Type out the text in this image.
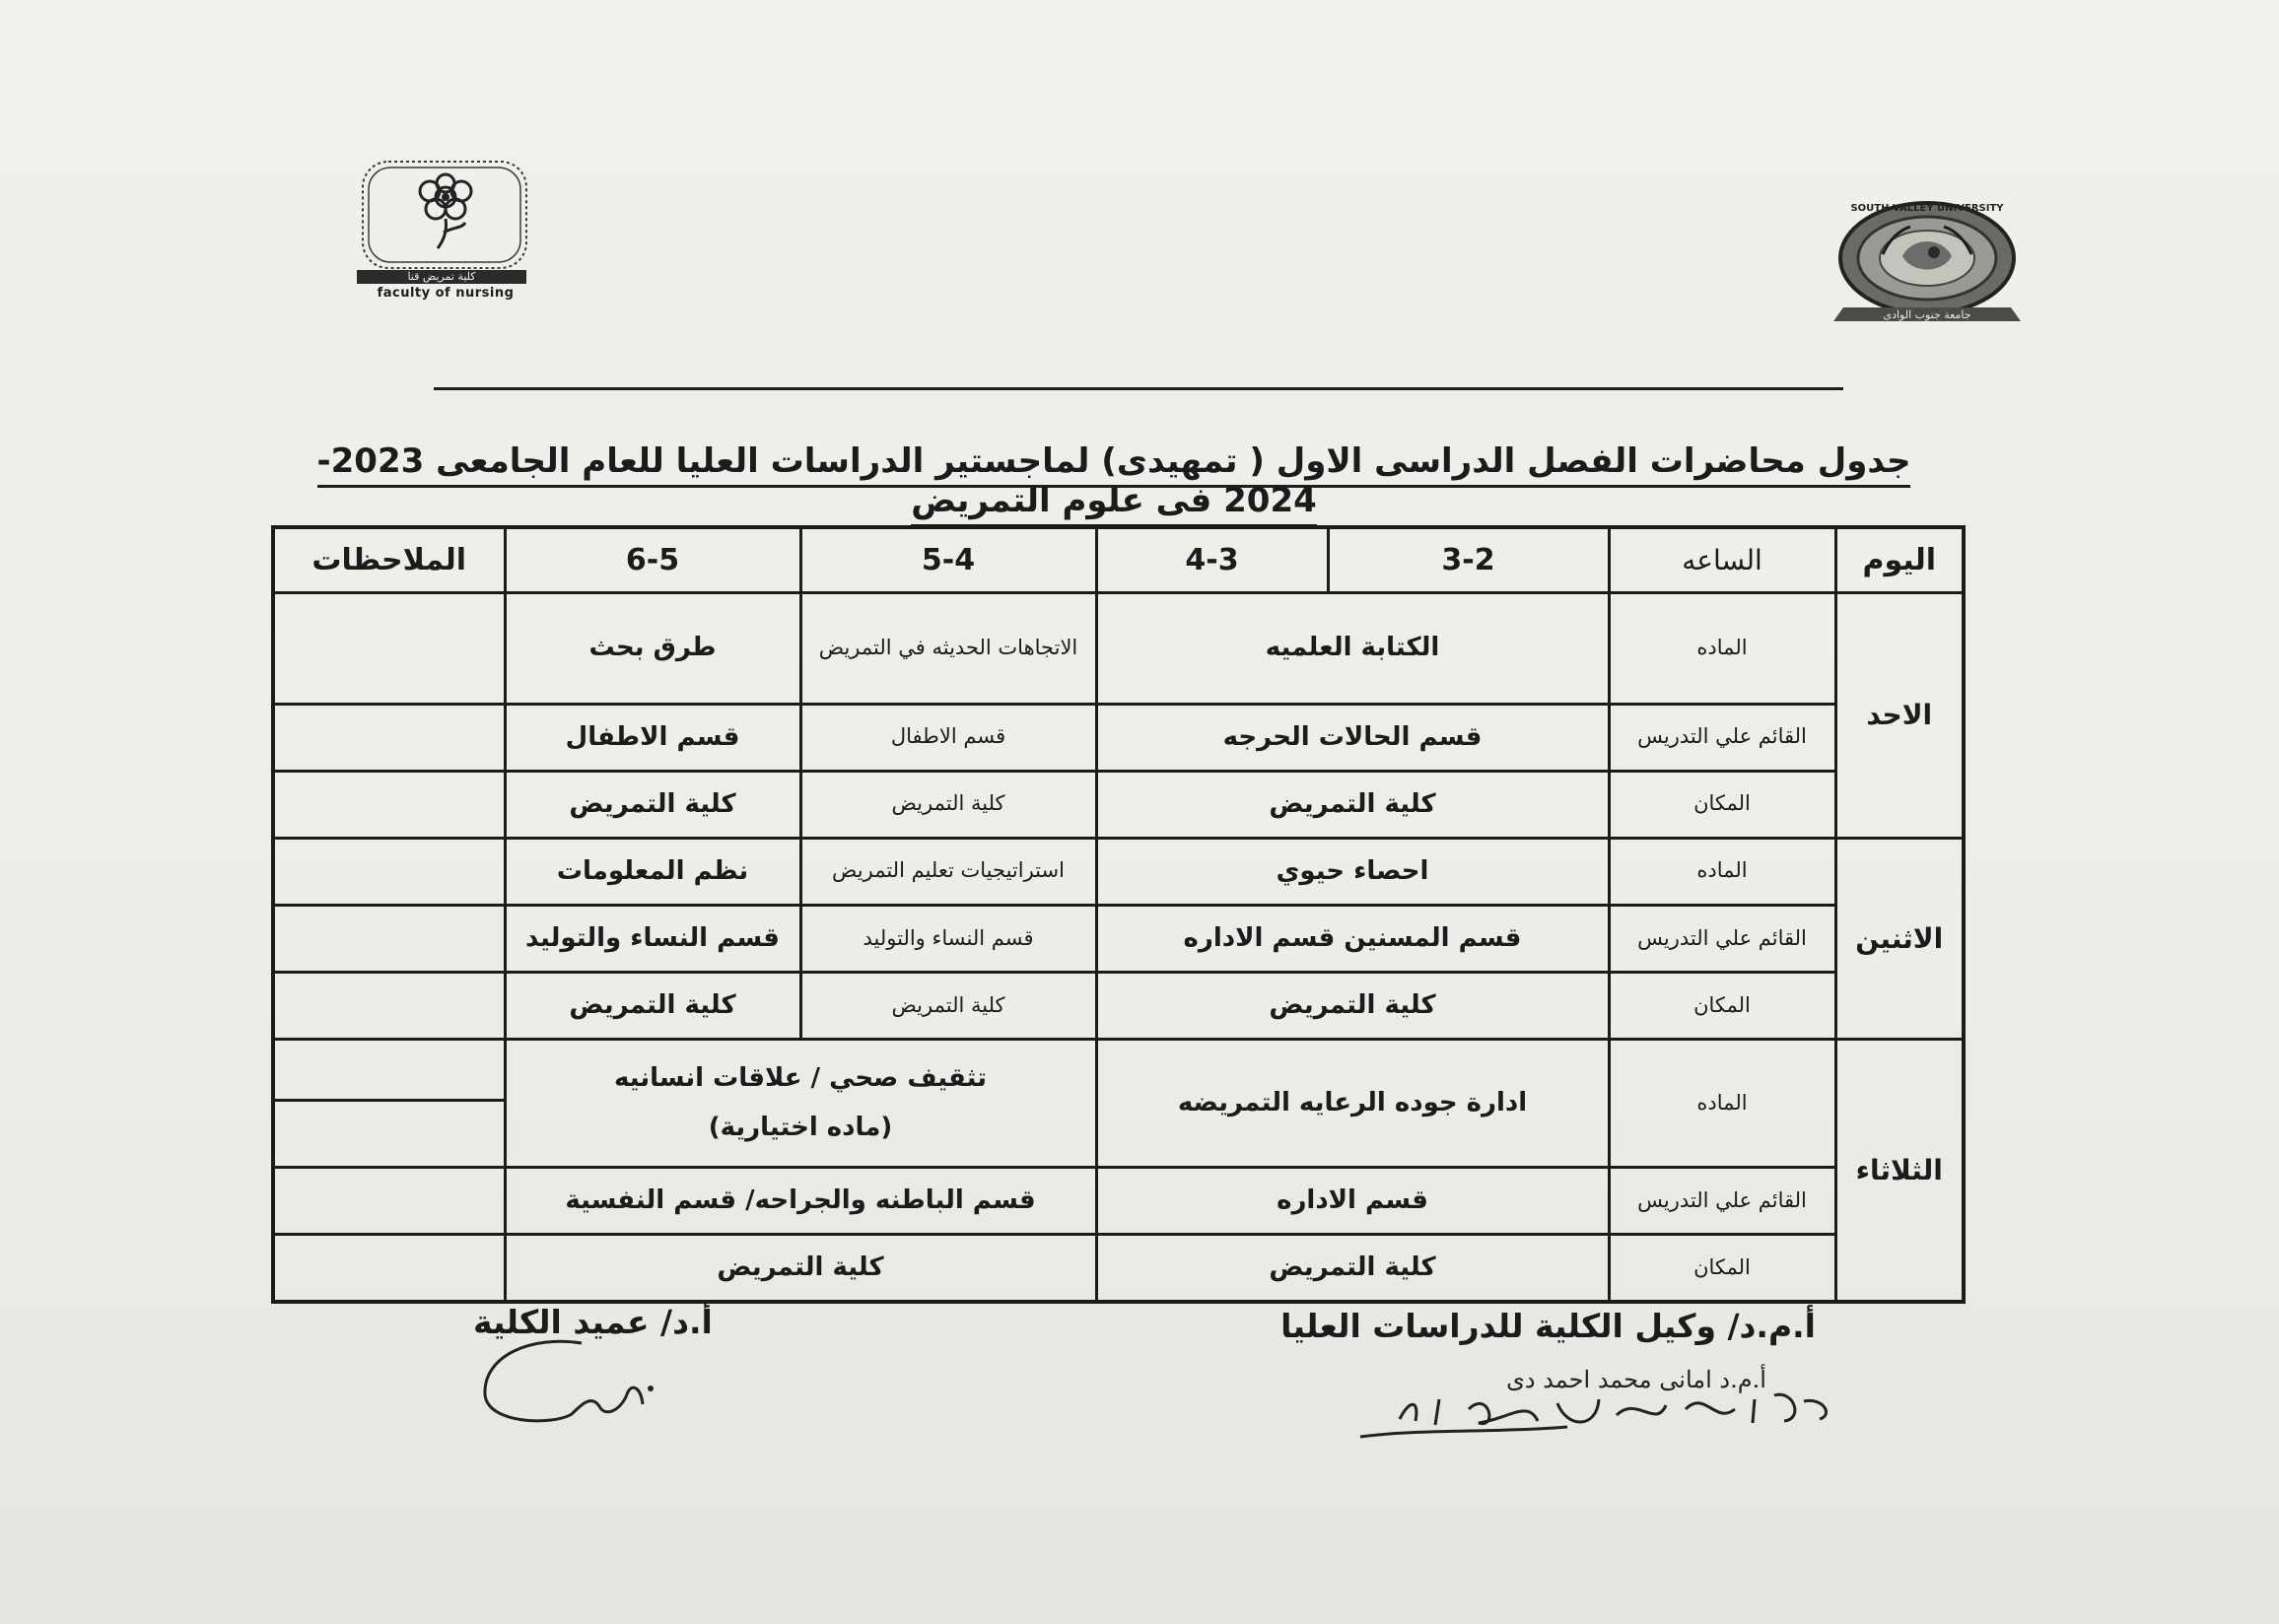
كلية تمريض قنا
faculty of nursing
جامعة جنوب الوادى
SOUTH VALLEY UNIVERSITY
جدول محاضرات الفصل الدراسى الاول ( تمهيدى) لماجستير الدراسات العليا للعام الجامعى 2023-2024 فى علوم التمريض
اليوم	الساعه	3-2	4-3	5-4	6-5	الملاحظات
الاحد	الماده	الكتابة العلميه		الاتجاهات الحديثه في التمريض	طرق بحث	
	القائم علي التدريس	قسم الحالات الحرجه		قسم الاطفال	قسم الاطفال	
	المكان	كلية التمريض		كلية التمريض	كلية التمريض	
الاثنين	الماده	احصاء حيوي		استراتيجيات تعليم التمريض	نظم المعلومات	
	القائم علي التدريس	قسم المسنين قسم الاداره		قسم النساء والتوليد	قسم النساء والتوليد	
	المكان	كلية التمريض		كلية التمريض	كلية التمريض	
الثلاثاء	الماده	ادارة جوده الرعايه التمريضه		تثقيف صحي / علاقات انسانيه
(ماده اختيارية)		

	القائم علي التدريس	قسم الاداره		قسم الباطنه والجراحه/ قسم النفسية		
	المكان	كلية التمريض		كلية التمريض		
أ.م.د/ وكيل الكلية للدراسات العليا
أ.د/ عميد الكلية
أ.م.د امانى محمد احمد دى
